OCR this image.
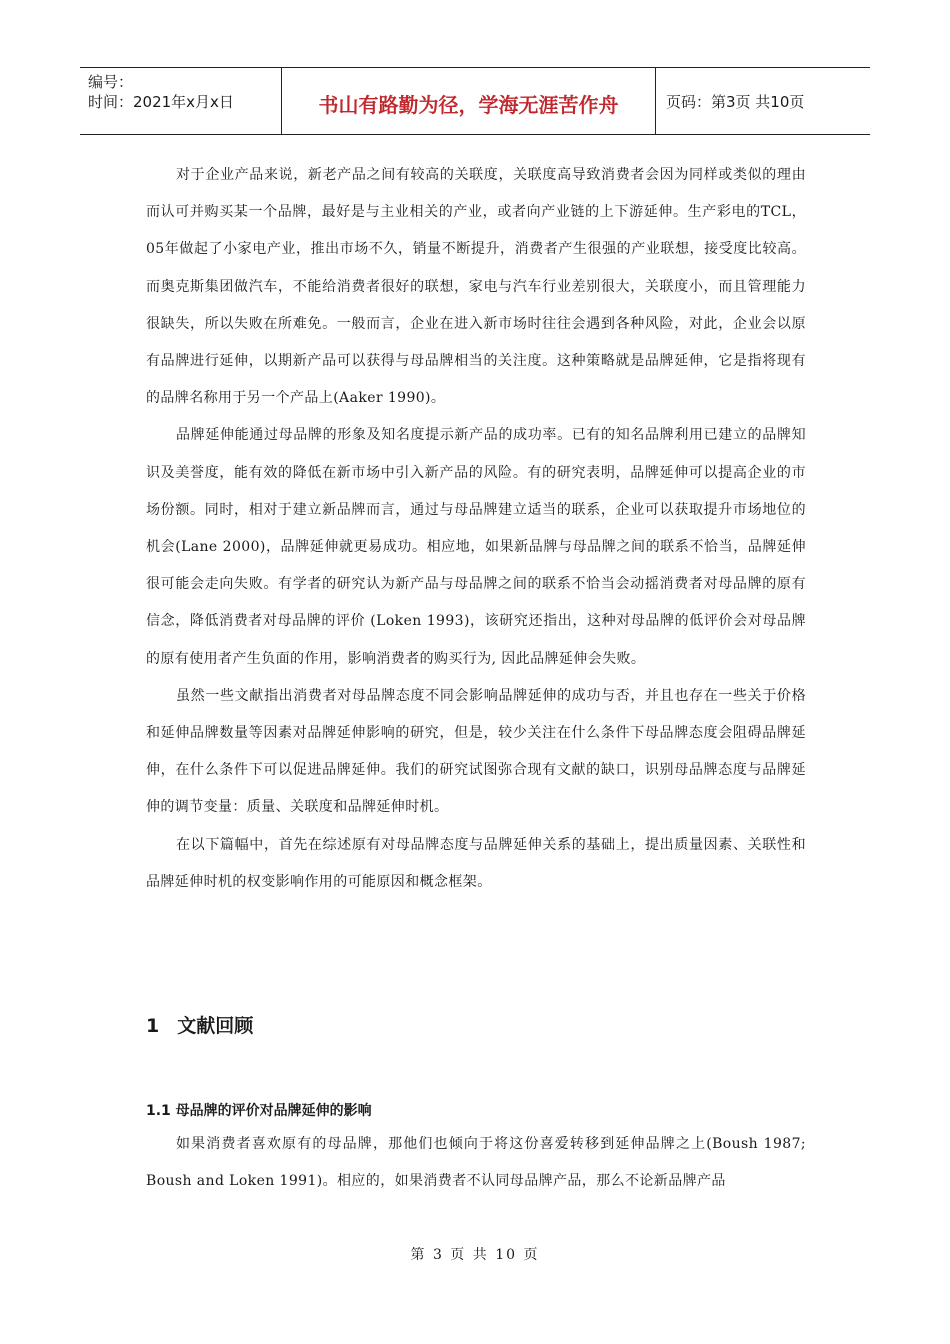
编号：
时间：2021年x月x日	书山有路勤为径，学海无涯苦作舟	页码：第3页 共10页

对于企业产品来说，新老产品之间有较高的关联度，关联度高导致消费者会因为同样或类似的理由而认可并购买某一个品牌，最好是与主业相关的产业，或者向产业链的上下游延伸。生产彩电的TCL，05年做起了小家电产业，推出市场不久，销量不断提升，消费者产生很强的产业联想，接受度比较高。而奥克斯集团做汽车，不能给消费者很好的联想，家电与汽车行业差别很大，关联度小，而且管理能力很缺失，所以失败在所难免。一般而言，企业在进入新市场时往往会遇到各种风险，对此，企业会以原有品牌进行延伸，以期新产品可以获得与母品牌相当的关注度。这种策略就是品牌延伸，它是指将现有的品牌名称用于另一个产品上(Aaker 1990)。

品牌延伸能通过母品牌的形象及知名度提示新产品的成功率。已有的知名品牌利用已建立的品牌知识及美誉度，能有效的降低在新市场中引入新产品的风险。有的研究表明，品牌延伸可以提高企业的市场份额。同时，相对于建立新品牌而言，通过与母品牌建立适当的联系，企业可以获取提升市场地位的机会(Lane 2000)，品牌延伸就更易成功。相应地，如果新品牌与母品牌之间的联系不恰当，品牌延伸很可能会走向失败。有学者的研究认为新产品与母品牌之间的联系不恰当会动摇消费者对母品牌的原有信念，降低消费者对母品牌的评价 (Loken 1993)，该研究还指出，这种对母品牌的低评价会对母品牌的原有使用者产生负面的作用，影响消费者的购买行为, 因此品牌延伸会失败。

虽然一些文献指出消费者对母品牌态度不同会影响品牌延伸的成功与否，并且也存在一些关于价格和延伸品牌数量等因素对品牌延伸影响的研究，但是，较少关注在什么条件下母品牌态度会阻碍品牌延伸，在什么条件下可以促进品牌延伸。我们的研究试图弥合现有文献的缺口，识别母品牌态度与品牌延伸的调节变量：质量、关联度和品牌延伸时机。

在以下篇幅中，首先在综述原有对母品牌态度与品牌延伸关系的基础上，提出质量因素、关联性和品牌延伸时机的权变影响作用的可能原因和概念框架。

1 文献回顾
1.1 母品牌的评价对品牌延伸的影响

如果消费者喜欢原有的母品牌，那他们也倾向于将这份喜爱转移到延伸品牌之上(Boush 1987; Boush and Loken 1991)。相应的，如果消费者不认同母品牌产品，那么不论新品牌产品

第 3 页 共 10 页
